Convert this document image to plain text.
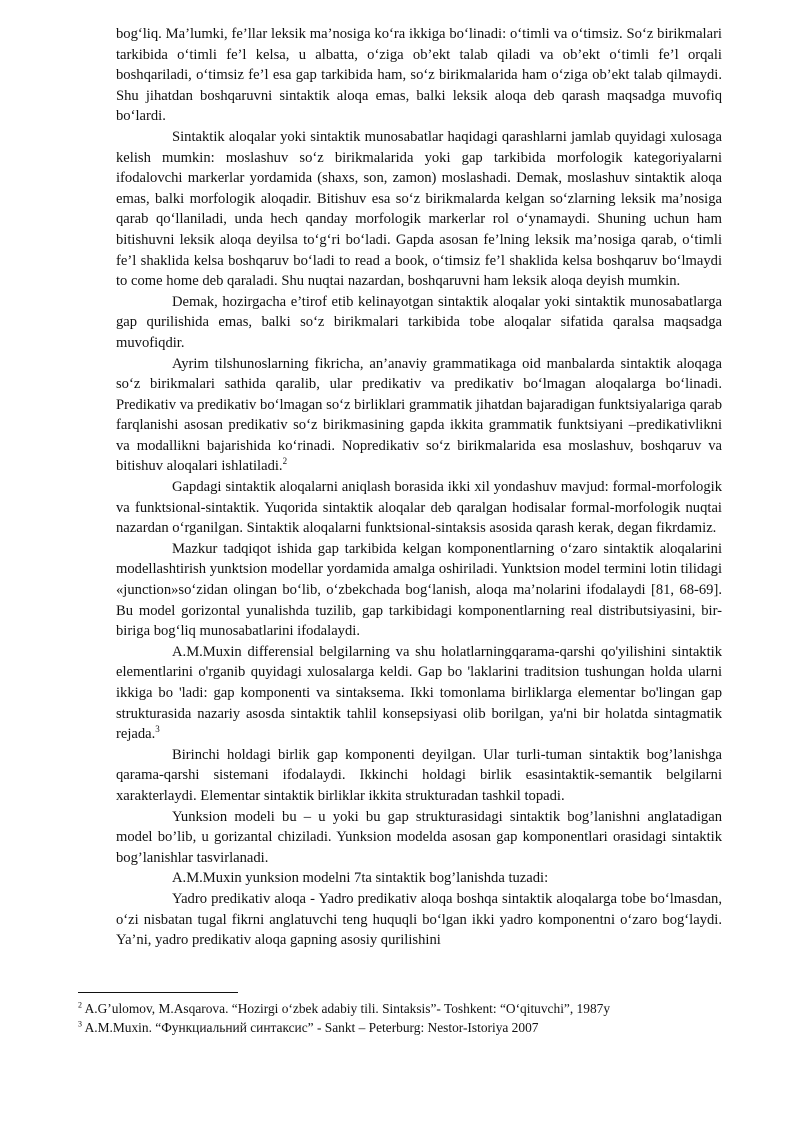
bog‘liq. Ma’lumki, fe’llar leksik ma’nosiga ko‘ra ikkiga bo‘linadi: o‘timli va o‘timsiz. So‘z birikmalari tarkibida o‘timli fe’l kelsa, u albatta, o‘ziga ob’ekt talab qiladi va ob’ekt o‘timli fe’l orqali boshqariladi, o‘timsiz fe’l esa gap tarkibida ham, so‘z birikmalarida ham o‘ziga ob’ekt talab qilmaydi. Shu jihatdan boshqaruvni sintaktik aloqa emas, balki leksik aloqa deb qarash maqsadga muvofiq bo‘lardi.

Sintaktik aloqalar yoki sintaktik munosabatlar haqidagi qarashlarni jamlab quyidagi xulosaga kelish mumkin: moslashuv so‘z birikmalarida yoki gap tarkibida morfologik kategoriyalarni ifodalovchi markerlar yordamida (shaxs, son, zamon) moslashadi. Demak, moslashuv sintaktik aloqa emas, balki morfologik aloqadir. Bitishuv esa so‘z birikmalarda kelgan so‘zlarning leksik ma’nosiga qarab qo‘llaniladi, unda hech qanday morfologik markerlar rol o‘ynamaydi. Shuning uchun ham bitishuvni leksik aloqa deyilsa to‘g‘ri bo‘ladi. Gapda asosan fe’lning leksik ma’nosiga qarab, o‘timli fe’l shaklida kelsa boshqaruv bo‘ladi to read a book, o‘timsiz fe’l shaklida kelsa boshqaruv bo‘lmaydi to come home deb qaraladi. Shu nuqtai nazardan, boshqaruvni ham leksik aloqa deyish mumkin.

Demak, hozirgacha e’tirof etib kelinayotgan sintaktik aloqalar yoki sintaktik munosabatlarga gap qurilishida emas, balki so‘z birikmalari tarkibida tobe aloqalar sifatida qaralsa maqsadga muvofiqdir.

Ayrim tilshunoslarning fikricha, an’anaviy grammatikaga oid manbalarda sintaktik aloqaga so‘z birikmalari sathida qaralib, ular predikativ va predikativ bo‘lmagan aloqalarga bo‘linadi. Predikativ va predikativ bo‘lmagan so‘z birliklari grammatik jihatdan bajaradigan funktsiyalariga qarab farqlanishi asosan predikativ so‘z birikmasining gapda ikkita grammatik funktsiyani –predikativlikni va modallikni bajarishida ko‘rinadi. Nopredikativ so‘z birikmalarida esa moslashuv, boshqaruv va bitishuv aloqalari ishlatiladi.$^2$

Gapdagi sintaktik aloqalarni aniqlash borasida ikki xil yondashuv mavjud: formal-morfologik va funktsional-sintaktik. Yuqorida sintaktik aloqalar deb qaralgan hodisalar formal-morfologik nuqtai nazardan o‘rganilgan. Sintaktik aloqalarni funktsional-sintaksis asosida qarash kerak, degan fikrdamiz.

Mazkur tadqiqot ishida gap tarkibida kelgan komponentlarning o‘zaro sintaktik aloqalarini modellashtirish yunktsion modellar yordamida amalga oshiriladi. Yunktsion model termini lotin tilidagi «junction»so‘zidan olingan bo‘lib, o‘zbekchada bog‘lanish, aloqa ma’nolarini ifodalaydi [81, 68-69]. Bu model gorizontal yunalishda tuzilib, gap tarkibidagi komponentlarning real distributsiyasini, bir-biriga bog‘liq munosabatlarini ifodalaydi.

A.M.Muxin differensial belgilarning va shu holatlarningqarama-qarshi qo'yilishini sintaktik elementlarini o'rganib quyidagi xulosalarga keldi. Gap bo 'laklarini traditsion tushungan holda ularni ikkiga bo 'ladi: gap komponenti va sintaksema. Ikki tomonlama birliklarga elementar bo'lingan gap strukturasida nazariy asosda sintaktik tahlil konsepsiyasi olib borilgan, ya'ni bir holatda sintagmatik rejada.$^3$

Birinchi holdagi birlik gap komponenti deyilgan. Ular turli-tuman sintaktik bog’lanishga qarama-qarshi sistemani ifodalaydi. Ikkinchi holdagi birlik esasintaktik-semantik belgilarni xarakterlaydi. Elementar sintaktik birliklar ikkita strukturadan tashkil topadi.

Yunksion modeli bu – u yoki bu gap strukturasidagi sintaktik bog’lanishni anglatadigan model bo’lib, u gorizantal chiziladi. Yunksion modelda asosan gap komponentlari orasidagi sintaktik bog’lanishlar tasvirlanadi.

A.M.Muxin yunksion modelni 7ta sintaktik bog’lanishda tuzadi:

Yadro predikativ aloqa - Yadro predikativ aloqa boshqa sintaktik aloqalarga tobe bo‘lmasdan, o‘zi nisbatan tugal fikrni anglatuvchi teng huquqli bo‘lgan ikki yadro komponentni o‘zaro bog‘laydi. Ya’ni, yadro predikativ aloqa gapning asosiy qurilishini

$^2$ A.G’ulomov, M.Asqarova. “Hozirgi o‘zbek adabiy tili. Sintaksis”- Toshkent: “O‘qituvchi”, 1987y

$^3$ A.M.Muxin. “Функциальний синтаксис” - Sankt – Peterburg: Nestor-Istoriya 2007
